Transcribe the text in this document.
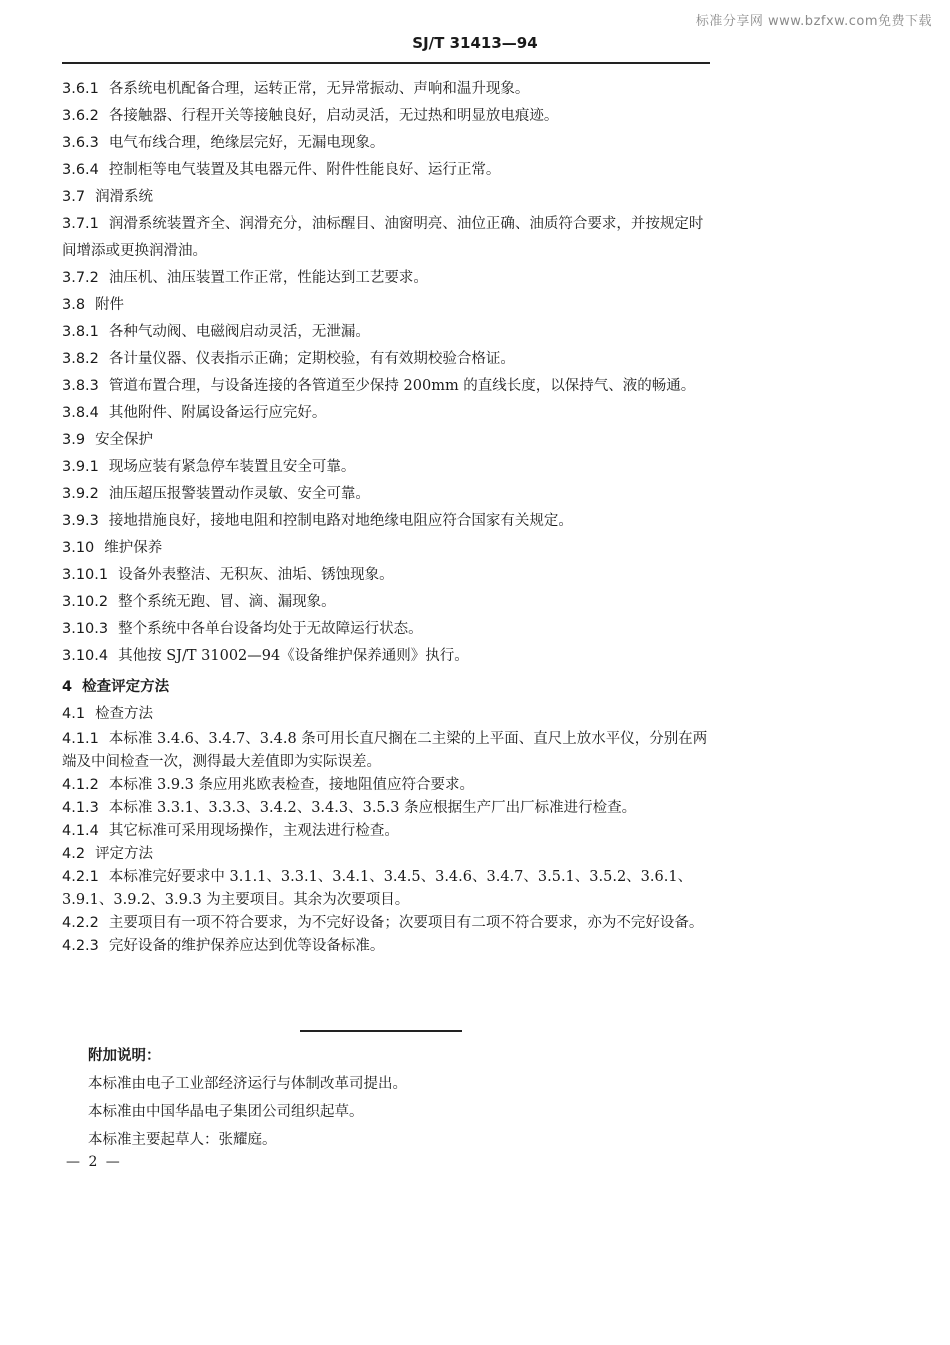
标准分享网 www.bzfxw.com免费下载
SJ/T 31413—94

3.6.1 各系统电机配备合理，运转正常，无异常振动、声响和温升现象。

3.6.2 各接触器、行程开关等接触良好，启动灵活，无过热和明显放电痕迹。

3.6.3 电气布线合理，绝缘层完好，无漏电现象。

3.6.4 控制柜等电气装置及其电器元件、附件性能良好、运行正常。

3.7 润滑系统

3.7.1 润滑系统装置齐全、润滑充分，油标醒目、油窗明亮、油位正确、油质符合要求，并按规定时间增添或更换润滑油。

3.7.2 油压机、油压装置工作正常，性能达到工艺要求。

3.8 附件

3.8.1 各种气动阀、电磁阀启动灵活，无泄漏。

3.8.2 各计量仪器、仪表指示正确；定期校验，有有效期校验合格证。

3.8.3 管道布置合理，与设备连接的各管道至少保持 200mm 的直线长度，以保持气、液的畅通。

3.8.4 其他附件、附属设备运行应完好。

3.9 安全保护

3.9.1 现场应装有紧急停车装置且安全可靠。

3.9.2 油压超压报警装置动作灵敏、安全可靠。

3.9.3 接地措施良好，接地电阻和控制电路对地绝缘电阻应符合国家有关规定。

3.10 维护保养

3.10.1 设备外表整洁、无积灰、油垢、锈蚀现象。

3.10.2 整个系统无跑、冒、滴、漏现象。

3.10.3 整个系统中各单台设备均处于无故障运行状态。

3.10.4 其他按 SJ/T 31002—94《设备维护保养通则》执行。

4 检查评定方法

4.1 检查方法

4.1.1 本标准 3.4.6、3.4.7、3.4.8 条可用长直尺搁在二主梁的上平面、直尺上放水平仪，分别在两端及中间检查一次，测得最大差值即为实际误差。

4.1.2 本标准 3.9.3 条应用兆欧表检查，接地阻值应符合要求。

4.1.3 本标准 3.3.1、3.3.3、3.4.2、3.4.3、3.5.3 条应根据生产厂出厂标准进行检查。

4.1.4 其它标准可采用现场操作，主观法进行检查。

4.2 评定方法

4.2.1 本标准完好要求中 3.1.1、3.3.1、3.4.1、3.4.5、3.4.6、3.4.7、3.5.1、3.5.2、3.6.1、3.9.1、3.9.2、3.9.3 为主要项目。其余为次要项目。

4.2.2 主要项目有一项不符合要求，为不完好设备；次要项目有二项不符合要求，亦为不完好设备。

4.2.3 完好设备的维护保养应达到优等设备标准。

附加说明：
本标准由电子工业部经济运行与体制改革司提出。
本标准由中国华晶电子集团公司组织起草。
本标准主要起草人：张耀庭。
— 2 —
